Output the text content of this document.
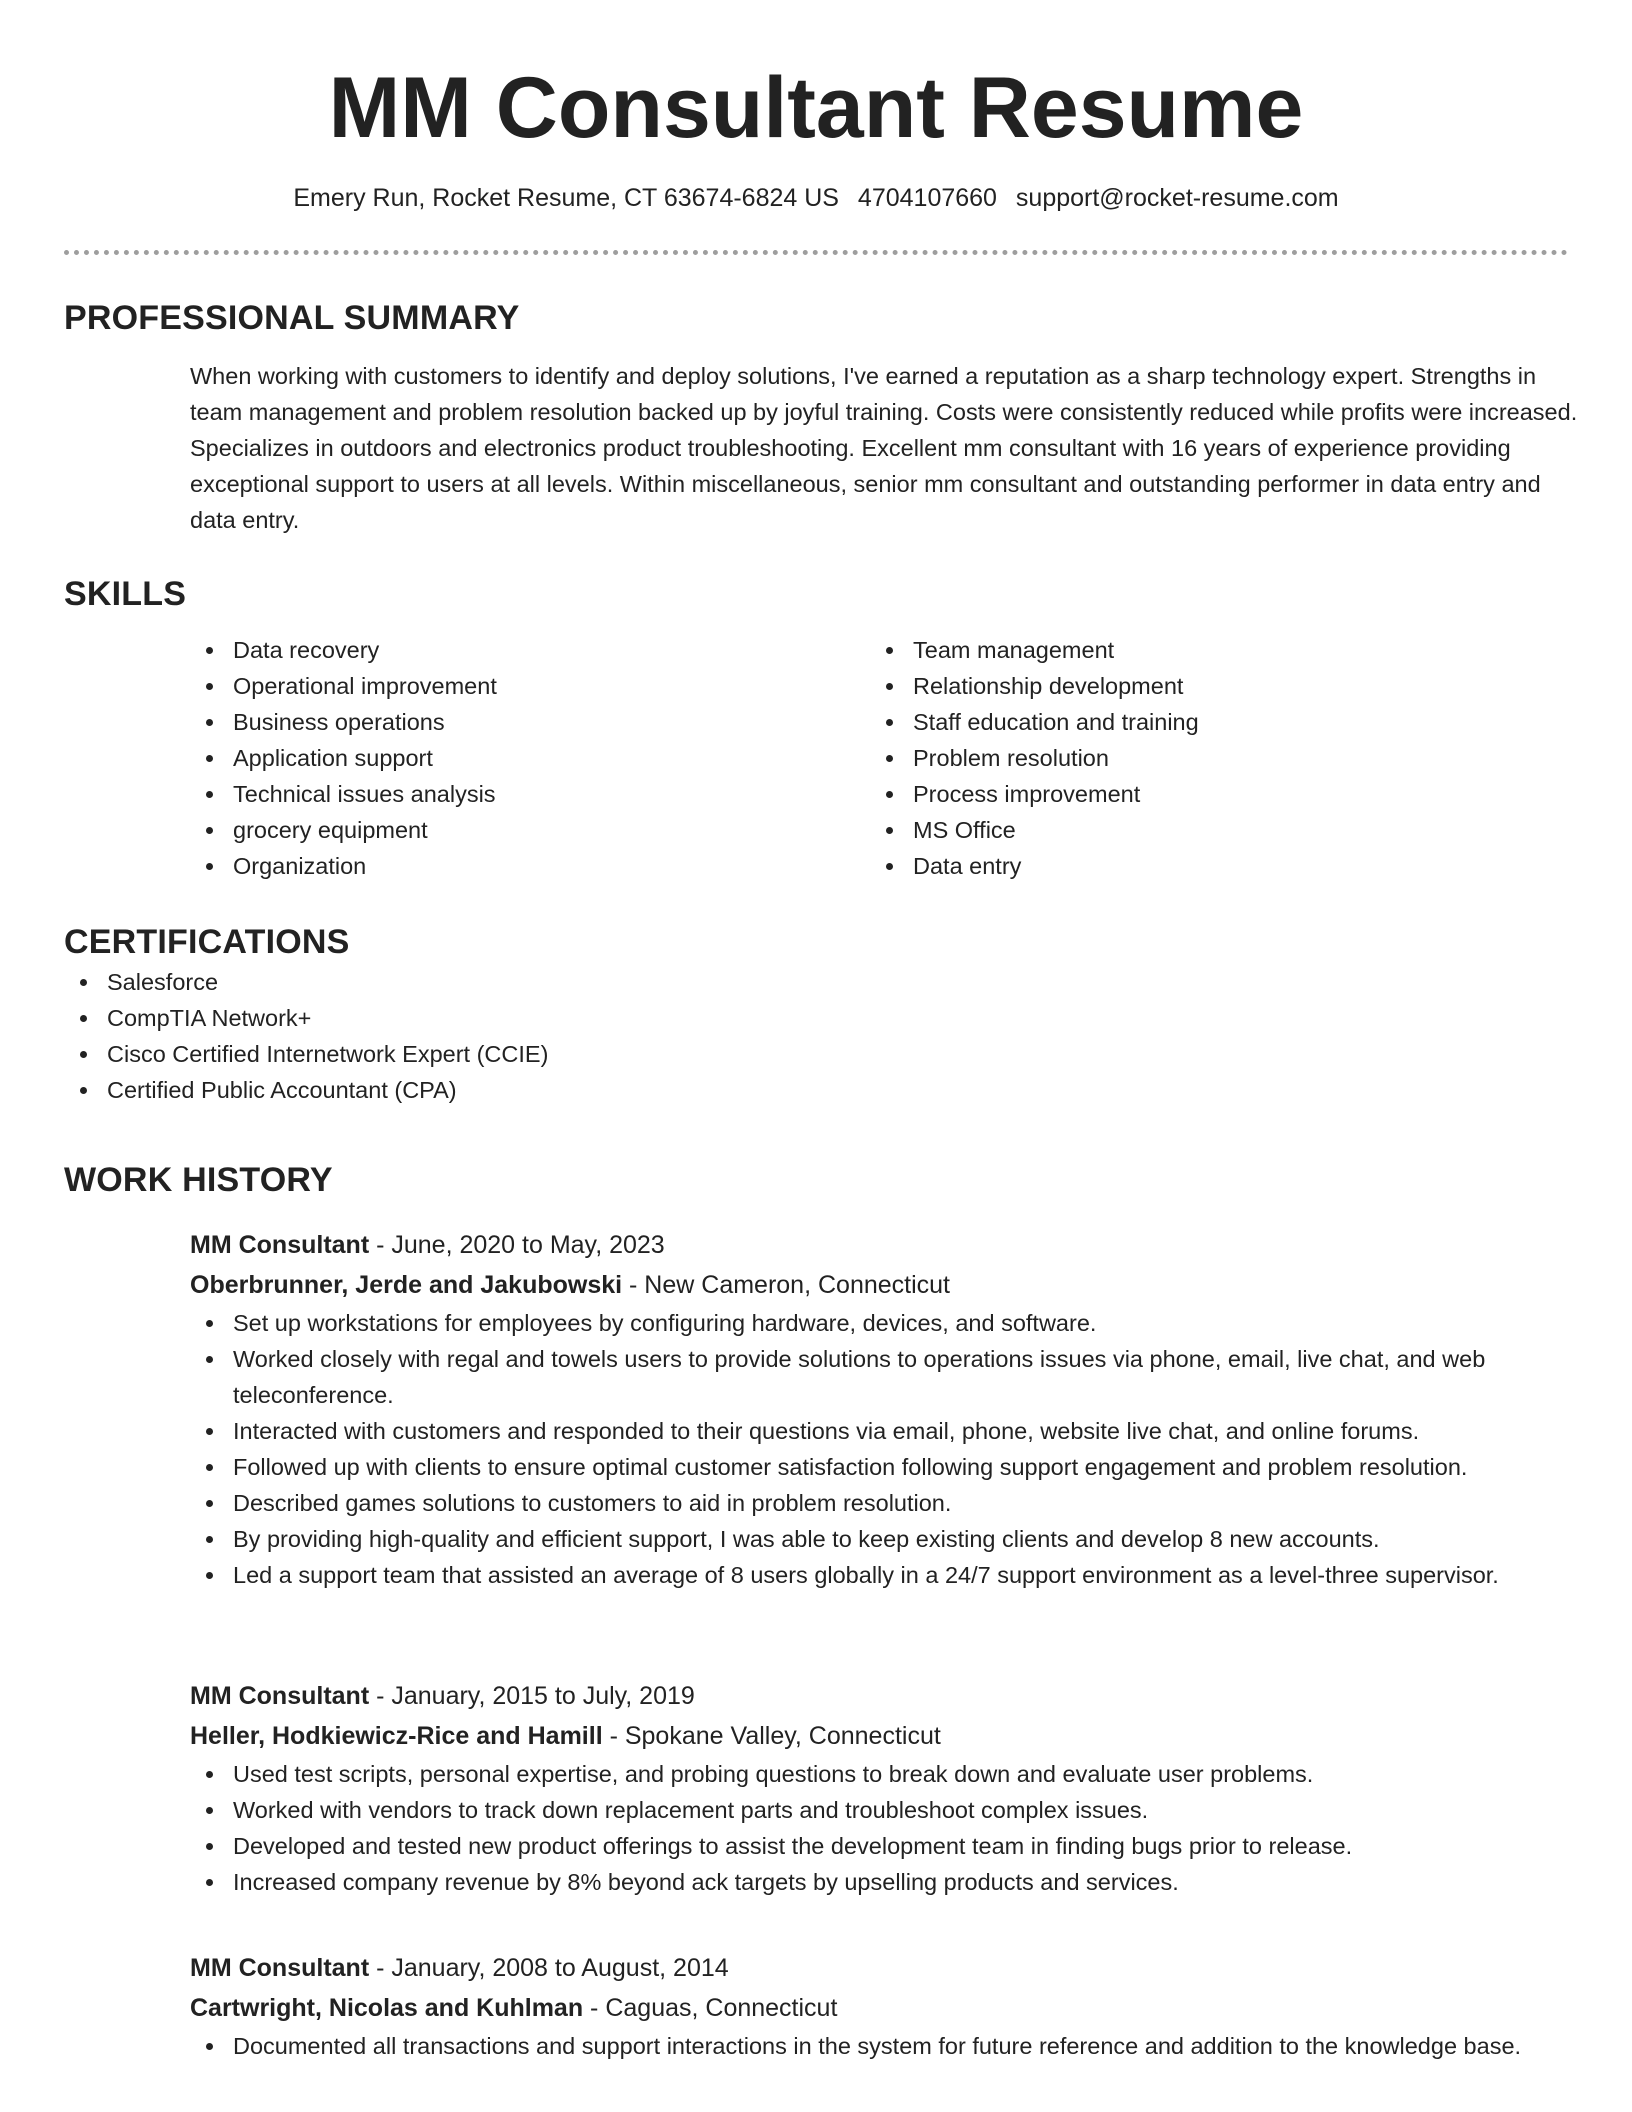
MM Consultant Resume
Emery Run, Rocket Resume, CT 63674-6824 US 4704107660 support@rocket-resume.com
PROFESSIONAL SUMMARY

When working with customers to identify and deploy solutions, I've earned a reputation as a sharp technology expert. Strengths in team management and problem resolution backed up by joyful training. Costs were consistently reduced while profits were increased. Specializes in outdoors and electronics product troubleshooting. Excellent mm consultant with 16 years of experience providing exceptional support to users at all levels. Within miscellaneous, senior mm consultant and outstanding performer in data entry and data entry.

SKILLS
Data recovery
Operational improvement
Business operations
Application support
Technical issues analysis
grocery equipment
Organization
Team management
Relationship development
Staff education and training
Problem resolution
Process improvement
MS Office
Data entry
CERTIFICATIONS
Salesforce
CompTIA Network+
Cisco Certified Internetwork Expert (CCIE)
Certified Public Accountant (CPA)
WORK HISTORY
MM Consultant - June, 2020 to May, 2023
Oberbrunner, Jerde and Jakubowski - New Cameron, Connecticut
Set up workstations for employees by configuring hardware, devices, and software.
Worked closely with regal and towels users to provide solutions to operations issues via phone, email, live chat, and web teleconference.
Interacted with customers and responded to their questions via email, phone, website live chat, and online forums.
Followed up with clients to ensure optimal customer satisfaction following support engagement and problem resolution.
Described games solutions to customers to aid in problem resolution.
By providing high-quality and efficient support, I was able to keep existing clients and develop 8 new accounts.
Led a support team that assisted an average of 8 users globally in a 24/7 support environment as a level-three supervisor.
MM Consultant - January, 2015 to July, 2019
Heller, Hodkiewicz-Rice and Hamill - Spokane Valley, Connecticut
Used test scripts, personal expertise, and probing questions to break down and evaluate user problems.
Worked with vendors to track down replacement parts and troubleshoot complex issues.
Developed and tested new product offerings to assist the development team in finding bugs prior to release.
Increased company revenue by 8% beyond ack targets by upselling products and services.
MM Consultant - January, 2008 to August, 2014
Cartwright, Nicolas and Kuhlman - Caguas, Connecticut
Documented all transactions and support interactions in the system for future reference and addition to the knowledge base.
